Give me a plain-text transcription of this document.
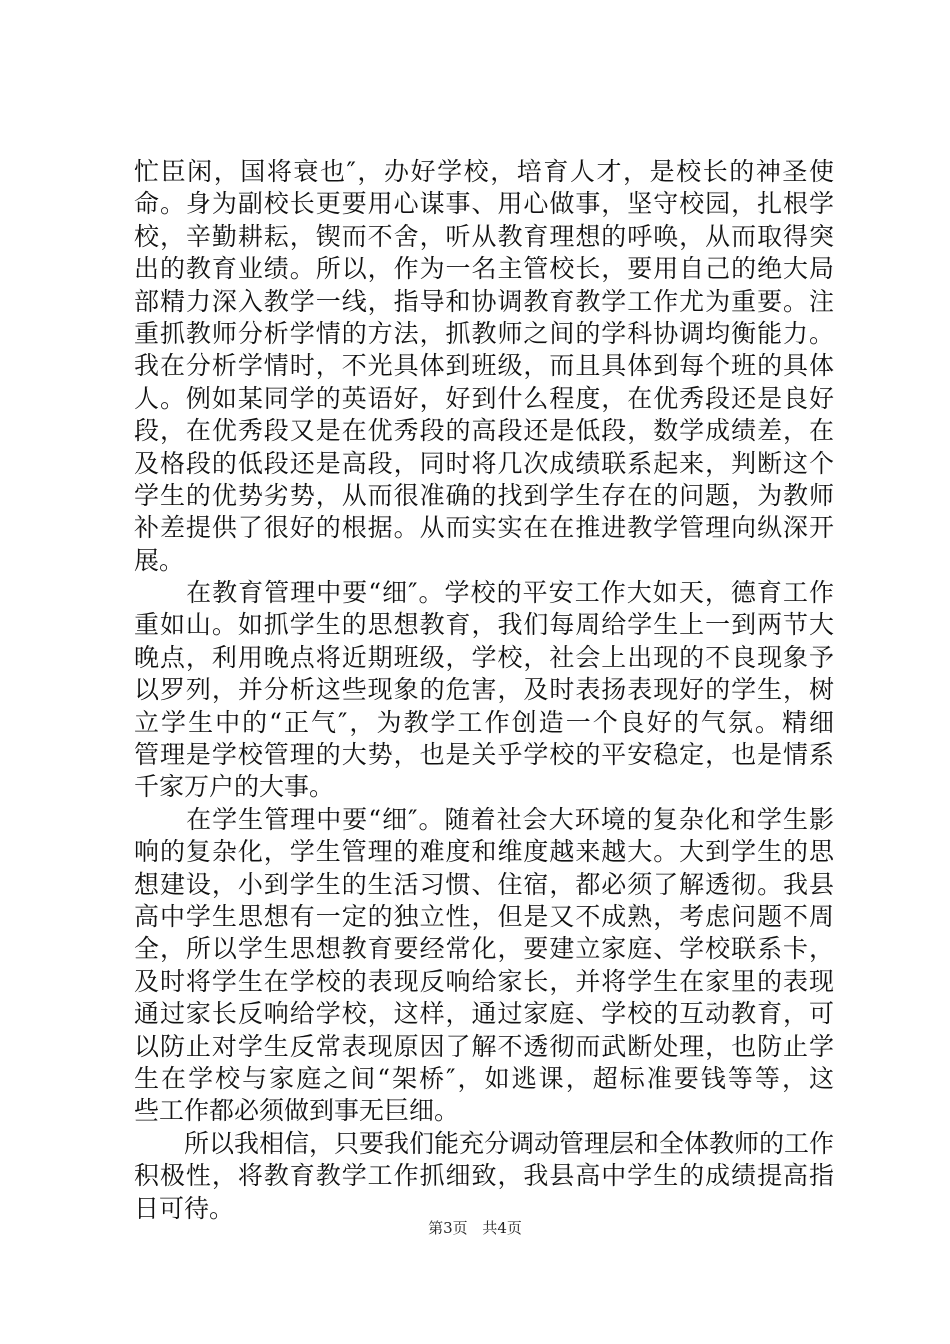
忙臣闲，国将衰也″，办好学校，培育人才，是校长的神圣使
命。身为副校长更要用心谋事、用心做事，坚守校园，扎根学
校，辛勤耕耘，锲而不舍，听从教育理想的呼唤，从而取得突
出的教育业绩。所以，作为一名主管校长，要用自己的绝大局
部精力深入教学一线，指导和协调教育教学工作尤为重要。注
重抓教师分析学情的方法，抓教师之间的学科协调均衡能力。
我在分析学情时，不光具体到班级，而且具体到每个班的具体
人。例如某同学的英语好，好到什么程度，在优秀段还是良好
段，在优秀段又是在优秀段的高段还是低段，数学成绩差，在
及格段的低段还是高段，同时将几次成绩联系起来，判断这个
学生的优势劣势，从而很准确的找到学生存在的问题，为教师
补差提供了很好的根据。从而实实在在推进教学管理向纵深开
展。
　　在教育管理中要“细″。学校的平安工作大如天，德育工作
重如山。如抓学生的思想教育，我们每周给学生上一到两节大
晚点，利用晚点将近期班级，学校，社会上出现的不良现象予
以罗列，并分析这些现象的危害，及时表扬表现好的学生，树
立学生中的“正气″，为教学工作创造一个良好的气氛。精细
管理是学校管理的大势，也是关乎学校的平安稳定，也是情系
千家万户的大事。
　　在学生管理中要“细″。随着社会大环境的复杂化和学生影
响的复杂化，学生管理的难度和维度越来越大。大到学生的思
想建设，小到学生的生活习惯、住宿，都必须了解透彻。我县
高中学生思想有一定的独立性，但是又不成熟，考虑问题不周
全，所以学生思想教育要经常化，要建立家庭、学校联系卡，
及时将学生在学校的表现反响给家长，并将学生在家里的表现
通过家长反响给学校，这样，通过家庭、学校的互动教育，可
以防止对学生反常表现原因了解不透彻而武断处理，也防止学
生在学校与家庭之间“架桥″，如逃课，超标准要钱等等，这
些工作都必须做到事无巨细。
　　所以我相信，只要我们能充分调动管理层和全体教师的工作
积极性，将教育教学工作抓细致，我县高中学生的成绩提高指
日可待。
第3页 共4页
